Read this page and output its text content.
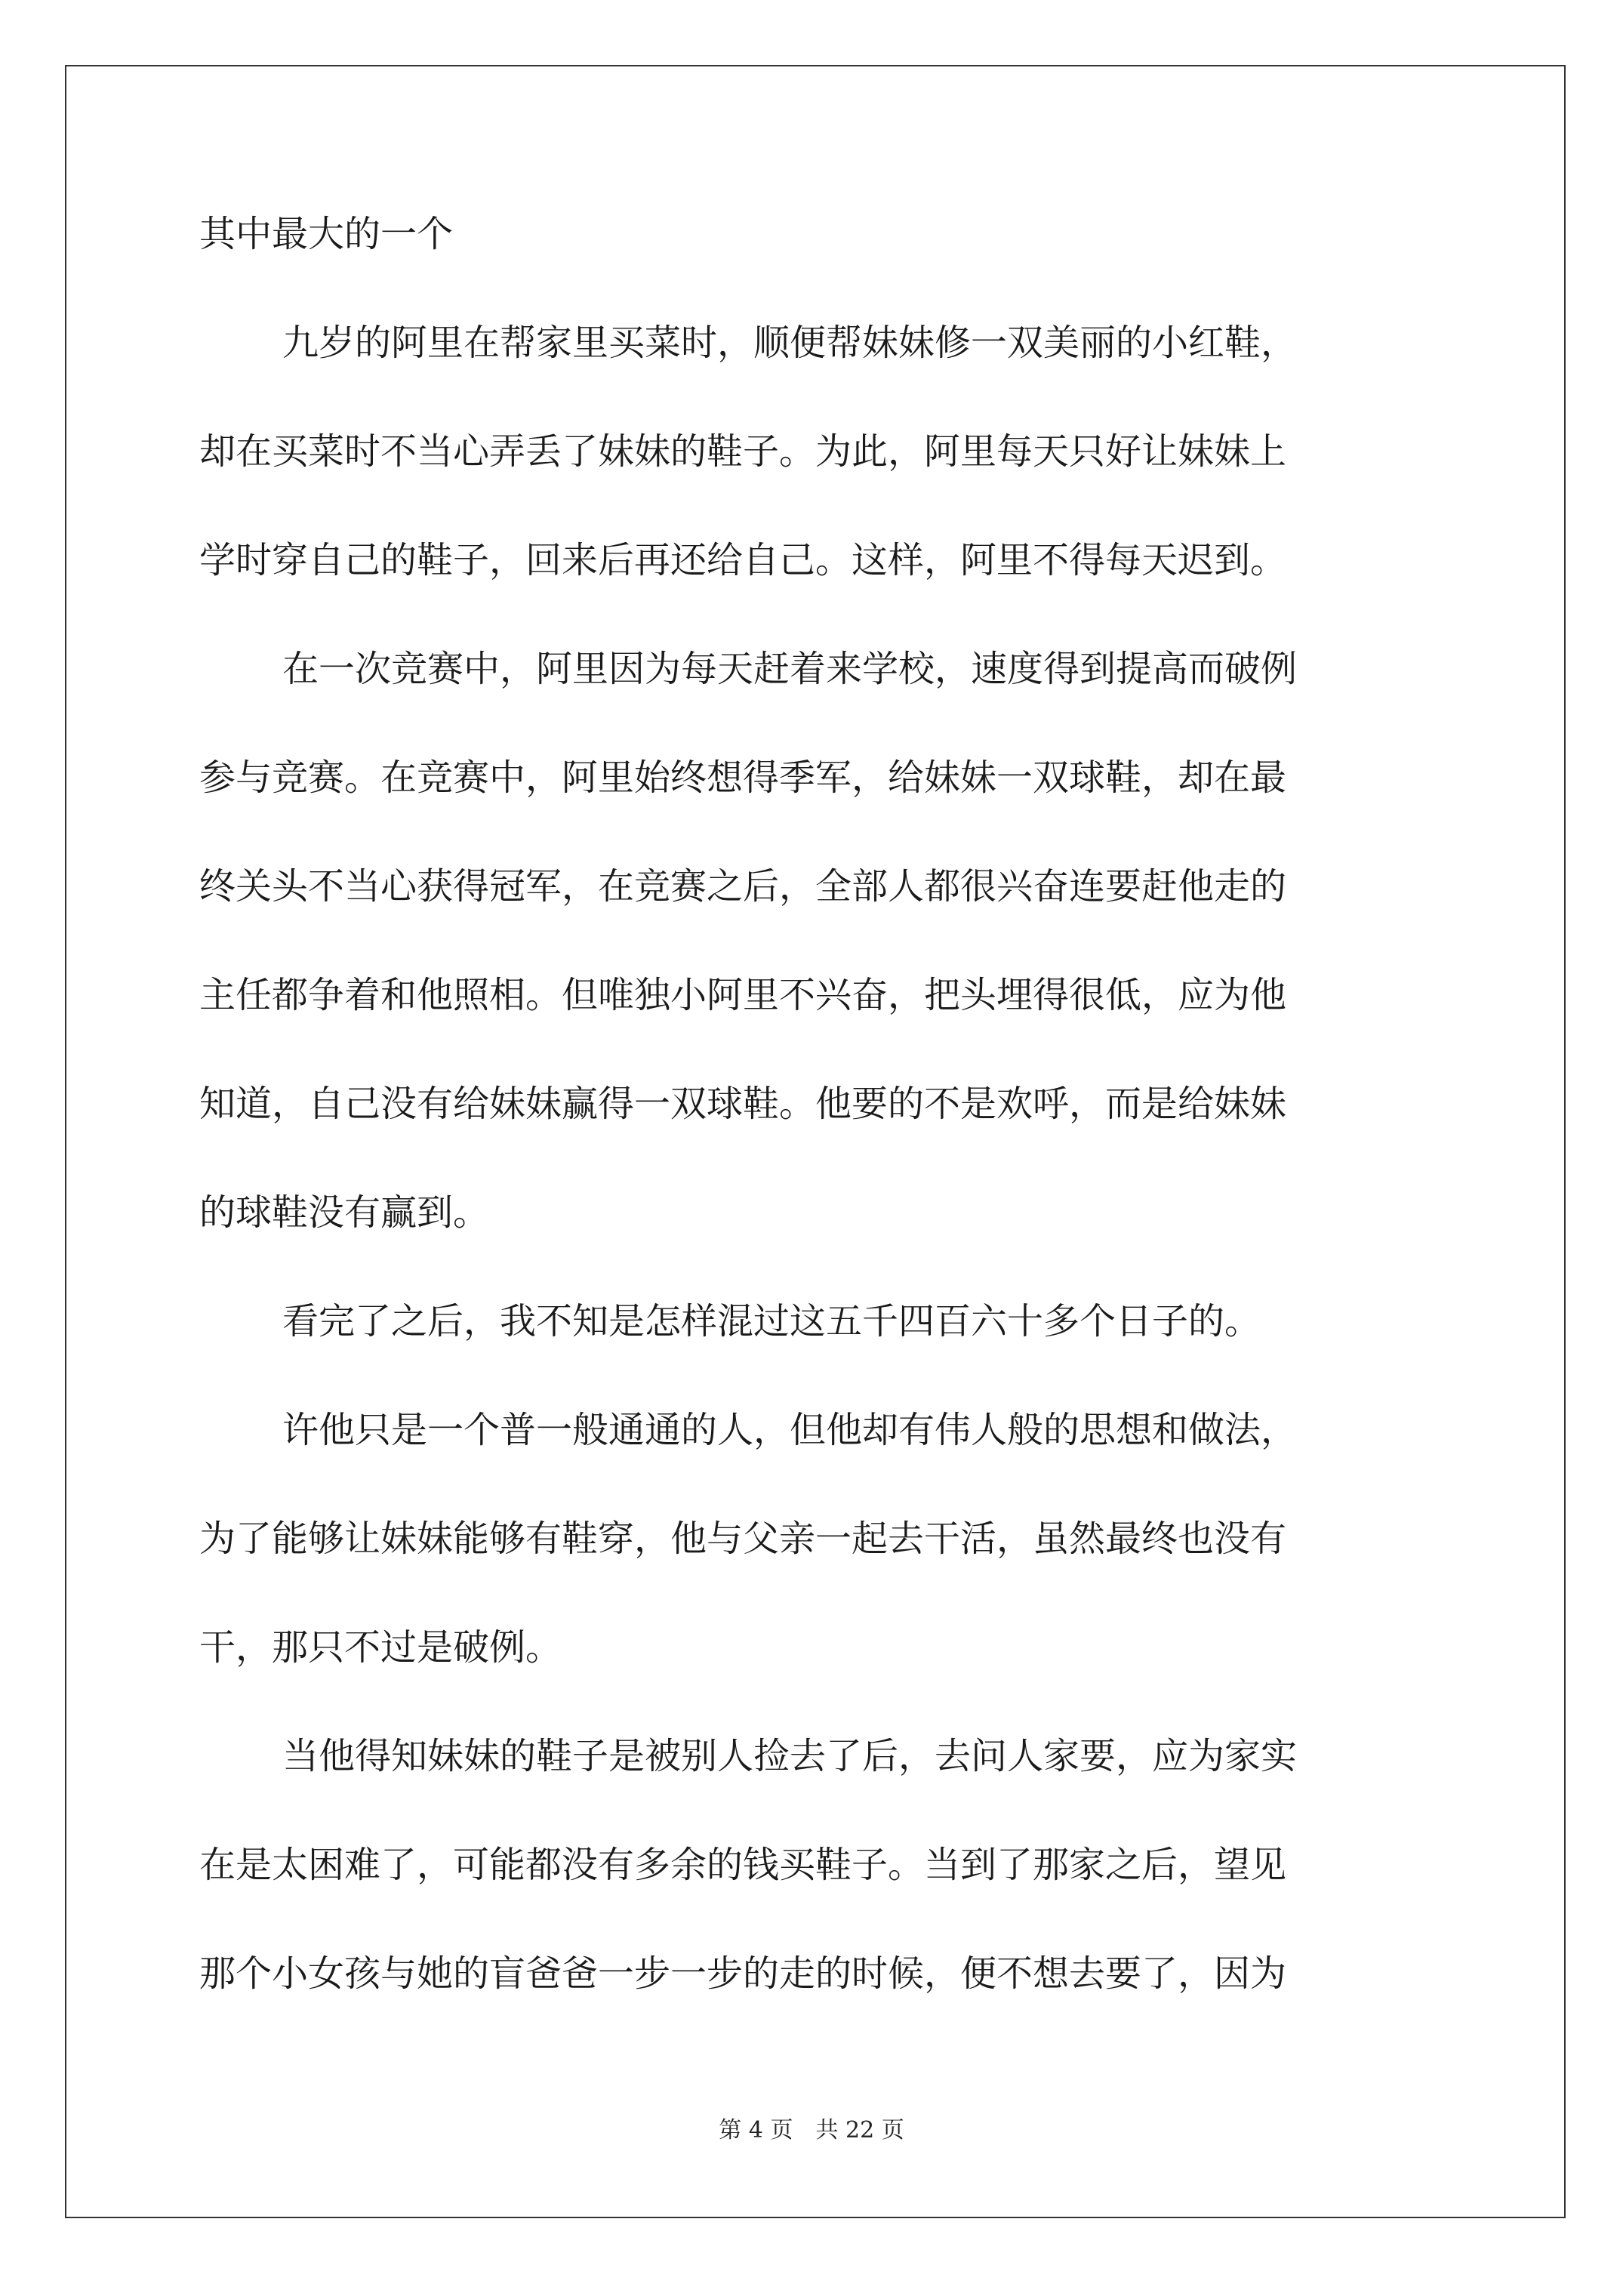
其中最大的一个

九岁的阿里在帮家里买菜时，顺便帮妹妹修一双美丽的小红鞋，

却在买菜时不当心弄丢了妹妹的鞋子。为此，阿里每天只好让妹妹上

学时穿自己的鞋子，回来后再还给自己。这样，阿里不得每天迟到。

在一次竞赛中，阿里因为每天赶着来学校，速度得到提高而破例

参与竞赛。在竞赛中，阿里始终想得季军，给妹妹一双球鞋，却在最

终关头不当心获得冠军，在竞赛之后，全部人都很兴奋连要赶他走的

主任都争着和他照相。但唯独小阿里不兴奋，把头埋得很低，应为他

知道，自己没有给妹妹赢得一双球鞋。他要的不是欢呼，而是给妹妹

的球鞋没有赢到。

看完了之后，我不知是怎样混过这五千四百六十多个日子的。

许他只是一个普一般通通的人，但他却有伟人般的思想和做法，

为了能够让妹妹能够有鞋穿，他与父亲一起去干活，虽然最终也没有

干，那只不过是破例。

当他得知妹妹的鞋子是被别人捡去了后，去问人家要，应为家实

在是太困难了，可能都没有多余的钱买鞋子。当到了那家之后，望见

那个小女孩与她的盲爸爸一步一步的走的时候，便不想去要了，因为

第 4 页　共 22 页
